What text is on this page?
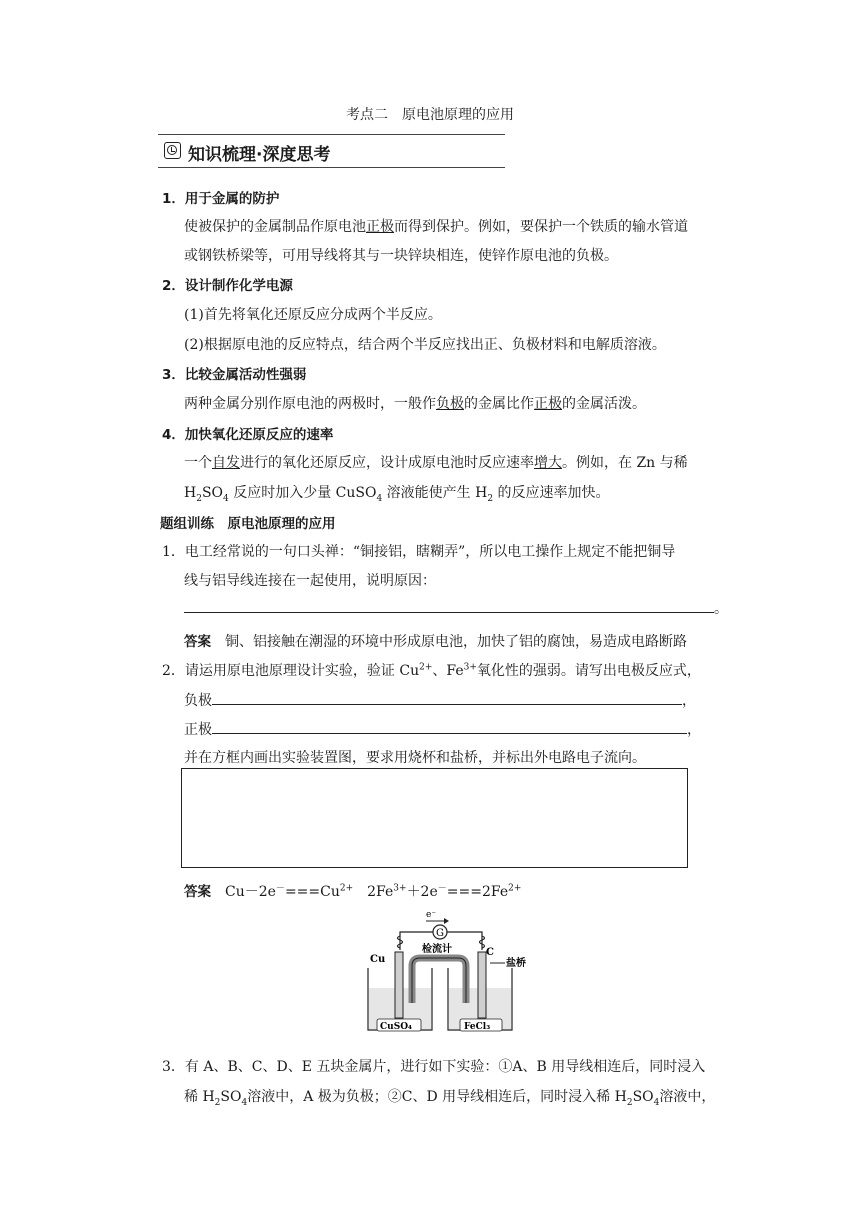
考点二　原电池原理的应用
知识梳理·深度思考
1．用于金属的防护
使被保护的金属制品作原电池正极而得到保护。例如，要保护一个铁质的输水管道
或钢铁桥梁等，可用导线将其与一块锌块相连，使锌作原电池的负极。
2．设计制作化学电源
(1)首先将氧化还原反应分成两个半反应。
(2)根据原电池的反应特点，结合两个半反应找出正、负极材料和电解质溶液。
3．比较金属活动性强弱
两种金属分别作原电池的两极时，一般作负极的金属比作正极的金属活泼。
4．加快氧化还原反应的速率
一个自发进行的氧化还原反应，设计成原电池时反应速率增大。例如，在 Zn 与稀
$H_2SO_4$ 反应时加入少量 CuSO$_4$ 溶液能使产生 $H_2$ 的反应速率加快。
题组训练　原电池原理的应用
1．电工经常说的一句口头禅：“铜接铝，瞎糊弄”，所以电工操作上规定不能把铜导
线与铝导线连接在一起使用，说明原因：
。
答案　 铜、铝接触在潮湿的环境中形成原电池，加快了铝的腐蚀，易造成电路断路
2．请运用原电池原理设计实验，验证 $Cu^{2+}$、$Fe^{3+}$氧化性的强弱。请写出电极反应式，
负极	，
正极	，
并在方框内画出实验装置图，要求用烧杯和盐桥，并标出外电路电子流向。
答案　 $Cu-2e^-===Cu^{2+}$　 $2Fe^{3+}+2e^-===2Fe^{2+}$
e⁻
G
检流计
Cu
C
盐桥
CuSO₄	FeCl₃
3．有 A、B、C、D、E 五块金属片，进行如下实验：①A、B 用导线相连后，同时浸入
稀 $H_2SO_4$溶液中，A 极为负极；②C、D 用导线相连后，同时浸入稀 $H_2SO_4$溶液中，
